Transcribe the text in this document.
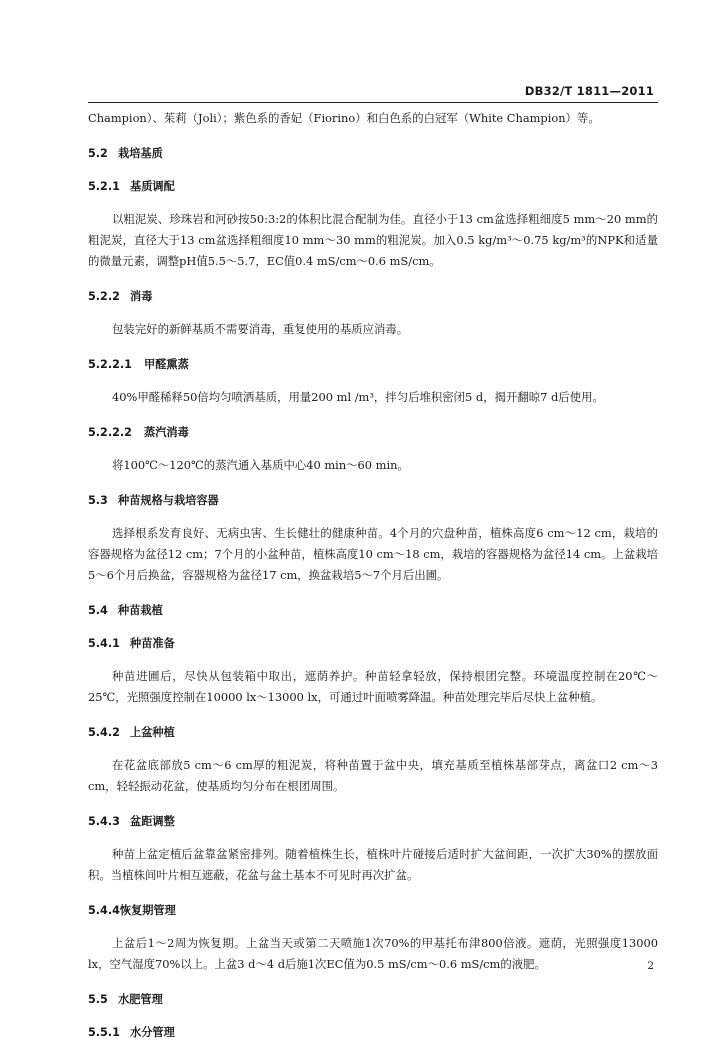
DB32/T 1811—2011

Champion）、茱莉（Joli）；紫色系的香妃（Fiorino）和白色系的白冠军（White Champion）等。

5.2 栽培基质

5.2.1 基质调配

以粗泥炭、珍珠岩和河砂按50:3:2的体积比混合配制为佳。直径小于13 cm盆选择粗细度5 mm～20 mm的粗泥炭，直径大于13 cm盆选择粗细度10 mm～30 mm的粗泥炭。加入0.5 kg/m³～0.75 kg/m³的NPK和适量的微量元素，调整pH值5.5～5.7，EC值0.4 mS/cm～0.6 mS/cm。

5.2.2 消毒

包装完好的新鲜基质不需要消毒，重复使用的基质应消毒。

5.2.2.1 甲醛熏蒸

40%甲醛稀释50倍均匀喷洒基质，用量200 ml /m³，拌匀后堆积密闭5 d，揭开翻晾7 d后使用。

5.2.2.2 蒸汽消毒

将100℃～120℃的蒸汽通入基质中心40 min～60 min。

5.3 种苗规格与栽培容器

选择根系发育良好、无病虫害、生长健壮的健康种苗。4个月的穴盘种苗，植株高度6 cm～12 cm，栽培的容器规格为盆径12 cm；7个月的小盆种苗，植株高度10 cm～18 cm，栽培的容器规格为盆径14 cm。上盆栽培5～6个月后换盆，容器规格为盆径17 cm，换盆栽培5～7个月后出圃。

5.4 种苗栽植

5.4.1 种苗准备

种苗进圃后，尽快从包装箱中取出，遮荫养护。种苗轻拿轻放，保持根团完整。环境温度控制在20℃～25℃，光照强度控制在10000 lx～13000 lx，可通过叶面喷雾降温。种苗处理完毕后尽快上盆种植。

5.4.2 上盆种植

在花盆底部放5 cm～6 cm厚的粗泥炭，将种苗置于盆中央，填充基质至植株基部芽点，离盆口2 cm～3 cm，轻轻振动花盆，使基质均匀分布在根团周围。

5.4.3 盆距调整

种苗上盆定植后盆靠盆紧密排列。随着植株生长，植株叶片碰接后适时扩大盆间距，一次扩大30%的摆放面积。当植株间叶片相互遮蔽，花盆与盆土基本不可见时再次扩盆。

5.4.4恢复期管理

上盆后1～2周为恢复期。上盆当天或第二天喷施1次70%的甲基托布津800倍液。遮荫，光照强度13000 lx，空气湿度70%以上。上盆3 d～4 d后施1次EC值为0.5 mS/cm～0.6 mS/cm的液肥。

5.5 水肥管理

5.5.1 水分管理

2
